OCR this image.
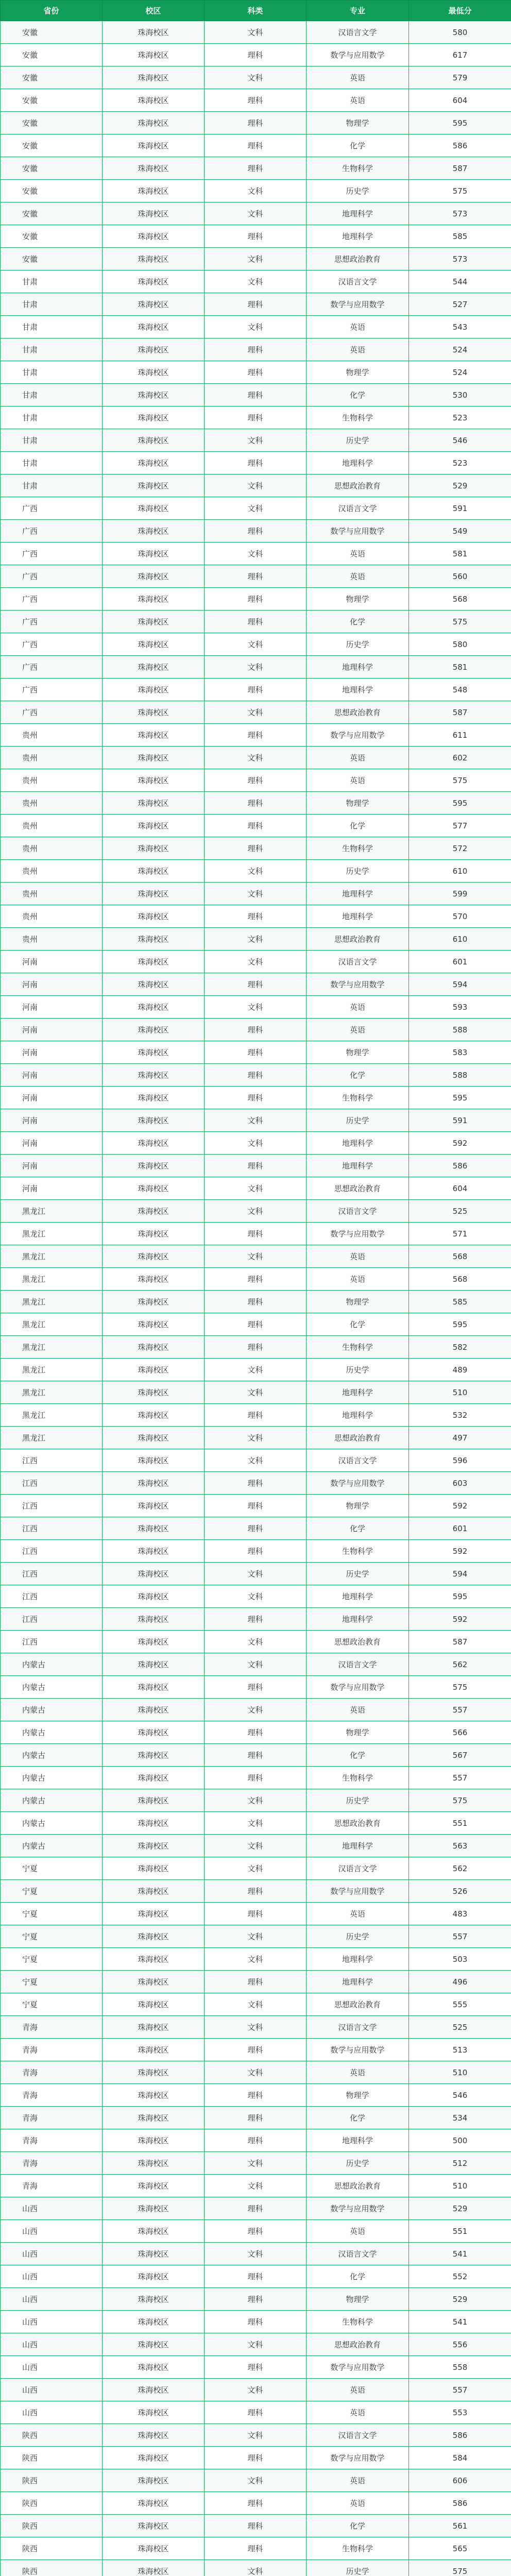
省份	校区	科类	专业	最低分
安徽	珠海校区	文科	汉语言文学	580
安徽	珠海校区	理科	数学与应用数学	617
安徽	珠海校区	文科	英语	579
安徽	珠海校区	理科	英语	604
安徽	珠海校区	理科	物理学	595
安徽	珠海校区	理科	化学	586
安徽	珠海校区	理科	生物科学	587
安徽	珠海校区	文科	历史学	575
安徽	珠海校区	文科	地理科学	573
安徽	珠海校区	理科	地理科学	585
安徽	珠海校区	文科	思想政治教育	573
甘肃	珠海校区	文科	汉语言文学	544
甘肃	珠海校区	理科	数学与应用数学	527
甘肃	珠海校区	文科	英语	543
甘肃	珠海校区	理科	英语	524
甘肃	珠海校区	理科	物理学	524
甘肃	珠海校区	理科	化学	530
甘肃	珠海校区	理科	生物科学	523
甘肃	珠海校区	文科	历史学	546
甘肃	珠海校区	理科	地理科学	523
甘肃	珠海校区	文科	思想政治教育	529
广西	珠海校区	文科	汉语言文学	591
广西	珠海校区	理科	数学与应用数学	549
广西	珠海校区	文科	英语	581
广西	珠海校区	理科	英语	560
广西	珠海校区	理科	物理学	568
广西	珠海校区	理科	化学	575
广西	珠海校区	文科	历史学	580
广西	珠海校区	文科	地理科学	581
广西	珠海校区	理科	地理科学	548
广西	珠海校区	文科	思想政治教育	587
贵州	珠海校区	理科	数学与应用数学	611
贵州	珠海校区	文科	英语	602
贵州	珠海校区	理科	英语	575
贵州	珠海校区	理科	物理学	595
贵州	珠海校区	理科	化学	577
贵州	珠海校区	理科	生物科学	572
贵州	珠海校区	文科	历史学	610
贵州	珠海校区	文科	地理科学	599
贵州	珠海校区	理科	地理科学	570
贵州	珠海校区	文科	思想政治教育	610
河南	珠海校区	文科	汉语言文学	601
河南	珠海校区	理科	数学与应用数学	594
河南	珠海校区	文科	英语	593
河南	珠海校区	理科	英语	588
河南	珠海校区	理科	物理学	583
河南	珠海校区	理科	化学	588
河南	珠海校区	理科	生物科学	595
河南	珠海校区	文科	历史学	591
河南	珠海校区	文科	地理科学	592
河南	珠海校区	理科	地理科学	586
河南	珠海校区	文科	思想政治教育	604
黑龙江	珠海校区	文科	汉语言文学	525
黑龙江	珠海校区	理科	数学与应用数学	571
黑龙江	珠海校区	文科	英语	568
黑龙江	珠海校区	理科	英语	568
黑龙江	珠海校区	理科	物理学	585
黑龙江	珠海校区	理科	化学	595
黑龙江	珠海校区	理科	生物科学	582
黑龙江	珠海校区	文科	历史学	489
黑龙江	珠海校区	文科	地理科学	510
黑龙江	珠海校区	理科	地理科学	532
黑龙江	珠海校区	文科	思想政治教育	497
江西	珠海校区	文科	汉语言文学	596
江西	珠海校区	理科	数学与应用数学	603
江西	珠海校区	理科	物理学	592
江西	珠海校区	理科	化学	601
江西	珠海校区	理科	生物科学	592
江西	珠海校区	文科	历史学	594
江西	珠海校区	文科	地理科学	595
江西	珠海校区	理科	地理科学	592
江西	珠海校区	文科	思想政治教育	587
内蒙古	珠海校区	文科	汉语言文学	562
内蒙古	珠海校区	理科	数学与应用数学	575
内蒙古	珠海校区	文科	英语	557
内蒙古	珠海校区	理科	物理学	566
内蒙古	珠海校区	理科	化学	567
内蒙古	珠海校区	理科	生物科学	557
内蒙古	珠海校区	文科	历史学	575
内蒙古	珠海校区	文科	思想政治教育	551
内蒙古	珠海校区	文科	地理科学	563
宁夏	珠海校区	文科	汉语言文学	562
宁夏	珠海校区	理科	数学与应用数学	526
宁夏	珠海校区	理科	英语	483
宁夏	珠海校区	文科	历史学	557
宁夏	珠海校区	文科	地理科学	503
宁夏	珠海校区	理科	地理科学	496
宁夏	珠海校区	文科	思想政治教育	555
青海	珠海校区	文科	汉语言文学	525
青海	珠海校区	理科	数学与应用数学	513
青海	珠海校区	文科	英语	510
青海	珠海校区	理科	物理学	546
青海	珠海校区	理科	化学	534
青海	珠海校区	理科	地理科学	500
青海	珠海校区	文科	历史学	512
青海	珠海校区	文科	思想政治教育	510
山西	珠海校区	理科	数学与应用数学	529
山西	珠海校区	理科	英语	551
山西	珠海校区	文科	汉语言文学	541
山西	珠海校区	理科	化学	552
山西	珠海校区	理科	物理学	529
山西	珠海校区	理科	生物科学	541
山西	珠海校区	文科	思想政治教育	556
山西	珠海校区	理科	数学与应用数学	558
山西	珠海校区	文科	英语	557
山西	珠海校区	理科	英语	553
陕西	珠海校区	文科	汉语言文学	586
陕西	珠海校区	理科	数学与应用数学	584
陕西	珠海校区	文科	英语	606
陕西	珠海校区	理科	英语	586
陕西	珠海校区	理科	化学	561
陕西	珠海校区	理科	生物科学	565
陕西	珠海校区	文科	历史学	575
